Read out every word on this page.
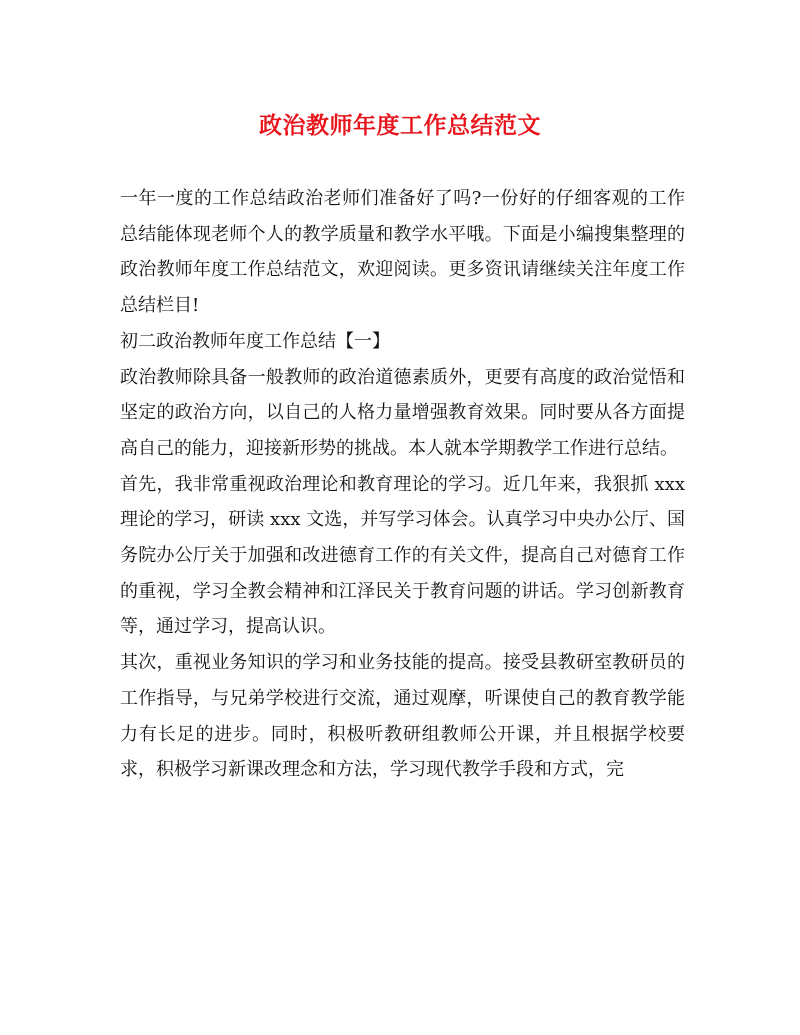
政治教师年度工作总结范文

一年一度的工作总结政治老师们准备好了吗?一份好的仔细客观的工作总结能体现老师个人的教学质量和教学水平哦。下面是小编搜集整理的政治教师年度工作总结范文，欢迎阅读。更多资讯请继续关注年度工作总结栏目!

初二政治教师年度工作总结【一】

政治教师除具备一般教师的政治道德素质外，更要有高度的政治觉悟和坚定的政治方向，以自己的人格力量增强教育效果。同时要从各方面提高自己的能力，迎接新形势的挑战。本人就本学期教学工作进行总结。

首先，我非常重视政治理论和教育理论的学习。近几年来，我狠抓 xxx 理论的学习，研读 xxx 文选，并写学习体会。认真学习中央办公厅、国务院办公厅关于加强和改进德育工作的有关文件，提高自己对德育工作的重视，学习全教会精神和江泽民关于教育问题的讲话。学习创新教育等，通过学习，提高认识。

其次，重视业务知识的学习和业务技能的提高。接受县教研室教研员的工作指导，与兄弟学校进行交流，通过观摩，听课使自己的教育教学能力有长足的进步。同时，积极听教研组教师公开课，并且根据学校要求，积极学习新课改理念和方法，学习现代教学手段和方式，完
